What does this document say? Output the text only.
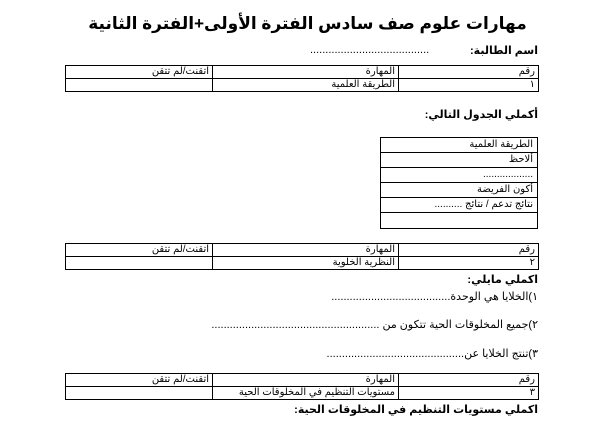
مهارات علوم صف سادس الفترة الأولى+الفترة الثانية
اسم الطالبة:
.......................................
رقم	المهارة	اتقنت/لم تتقن
١	الطريقة العلمية	
أكملي الجدول التالي:
الطريقة العلمية
ألاحظ
..................
أكون الفريضة
نتائج تدعم / نتائج ..........
رقم	المهارة	اتقنت/لم تتقن
٢	النظرية الخلوية	
اكملي مايلي:
١)الخلايا هي الوحدة.......................................
٢)جميع المخلوقات الحية تتكون من .......................................................
٣)تنتج الخلايا عن.............................................
رقم	المهارة	اتقنت/لم تتقن
٣	مستويات التنظيم في المخلوقات الحية	
اكملي مستويات التنظيم في المخلوقات الحية:
